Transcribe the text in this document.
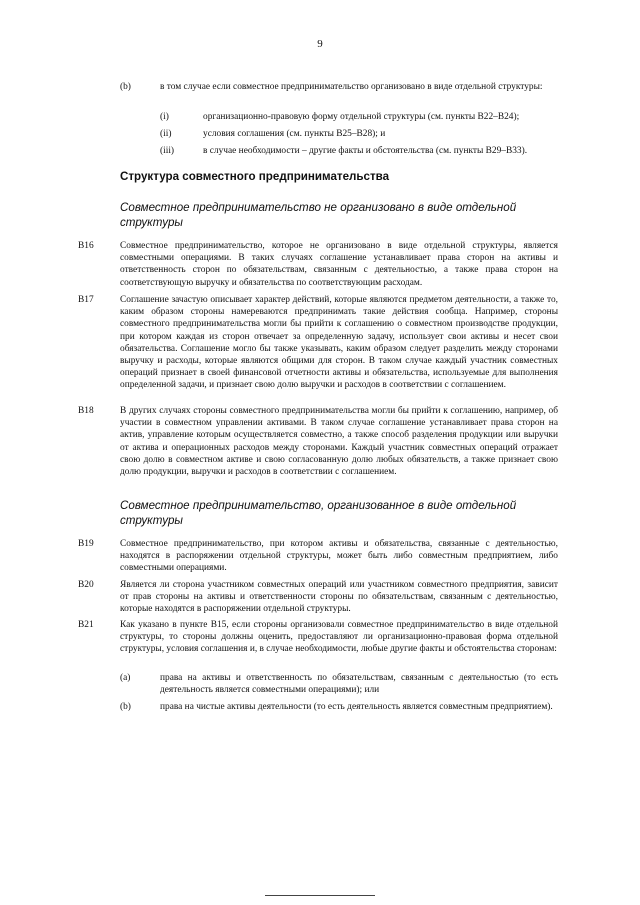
9
(b)	в том случае если совместное предпринимательство организовано в виде отдельной структуры:
(i)	организационно-правовую форму отдельной структуры (см. пункты B22–B24);
(ii)	условия соглашения (см. пункты B25–B28); и
(iii)	в случае необходимости – другие факты и обстоятельства (см. пункты B29–B33).
Структура совместного предпринимательства
Совместное предпринимательство не организовано в виде отдельной структуры
B16	Совместное предпринимательство, которое не организовано в виде отдельной структуры, является совместными операциями. В таких случаях соглашение устанавливает права сторон на активы и ответственность сторон по обязательствам, связанным с деятельностью, а также права сторон на соответствующую выручку и обязательства по соответствующим расходам.
B17	Соглашение зачастую описывает характер действий, которые являются предметом деятельности, а также то, каким образом стороны намереваются предпринимать такие действия сообща. Например, стороны совместного предпринимательства могли бы прийти к соглашению о совместном производстве продукции, при котором каждая из сторон отвечает за определенную задачу, использует свои активы и несет свои обязательства. Соглашение могло бы также указывать, каким образом следует разделить между сторонами выручку и расходы, которые являются общими для сторон. В таком случае каждый участник совместных операций признает в своей финансовой отчетности активы и обязательства, используемые для выполнения определенной задачи, и признает свою долю выручки и расходов в соответствии с соглашением.
B18	В других случаях стороны совместного предпринимательства могли бы прийти к соглашению, например, об участии в совместном управлении активами. В таком случае соглашение устанавливает права сторон на актив, управление которым осуществляется совместно, а также способ разделения продукции или выручки от актива и операционных расходов между сторонами. Каждый участник совместных операций отражает свою долю в совместном активе и свою согласованную долю любых обязательств, а также признает свою долю продукции, выручки и расходов в соответствии с соглашением.
Совместное предпринимательство, организованное в виде отдельной структуры
B19	Совместное предпринимательство, при котором активы и обязательства, связанные с деятельностью, находятся в распоряжении отдельной структуры, может быть либо совместным предприятием, либо совместными операциями.
B20	Является ли сторона участником совместных операций или участником совместного предприятия, зависит от прав стороны на активы и ответственности стороны по обязательствам, связанным с деятельностью, которые находятся в распоряжении отдельной структуры.
B21	Как указано в пункте B15, если стороны организовали совместное предпринимательство в виде отдельной структуры, то стороны должны оценить, предоставляют ли организационно-правовая форма отдельной структуры, условия соглашения и, в случае необходимости, любые другие факты и обстоятельства сторонам:
(a)	права на активы и ответственность по обязательствам, связанным с деятельностью (то есть деятельность является совместными операциями); или
(b)	права на чистые активы деятельности (то есть деятельность является совместным предприятием).
